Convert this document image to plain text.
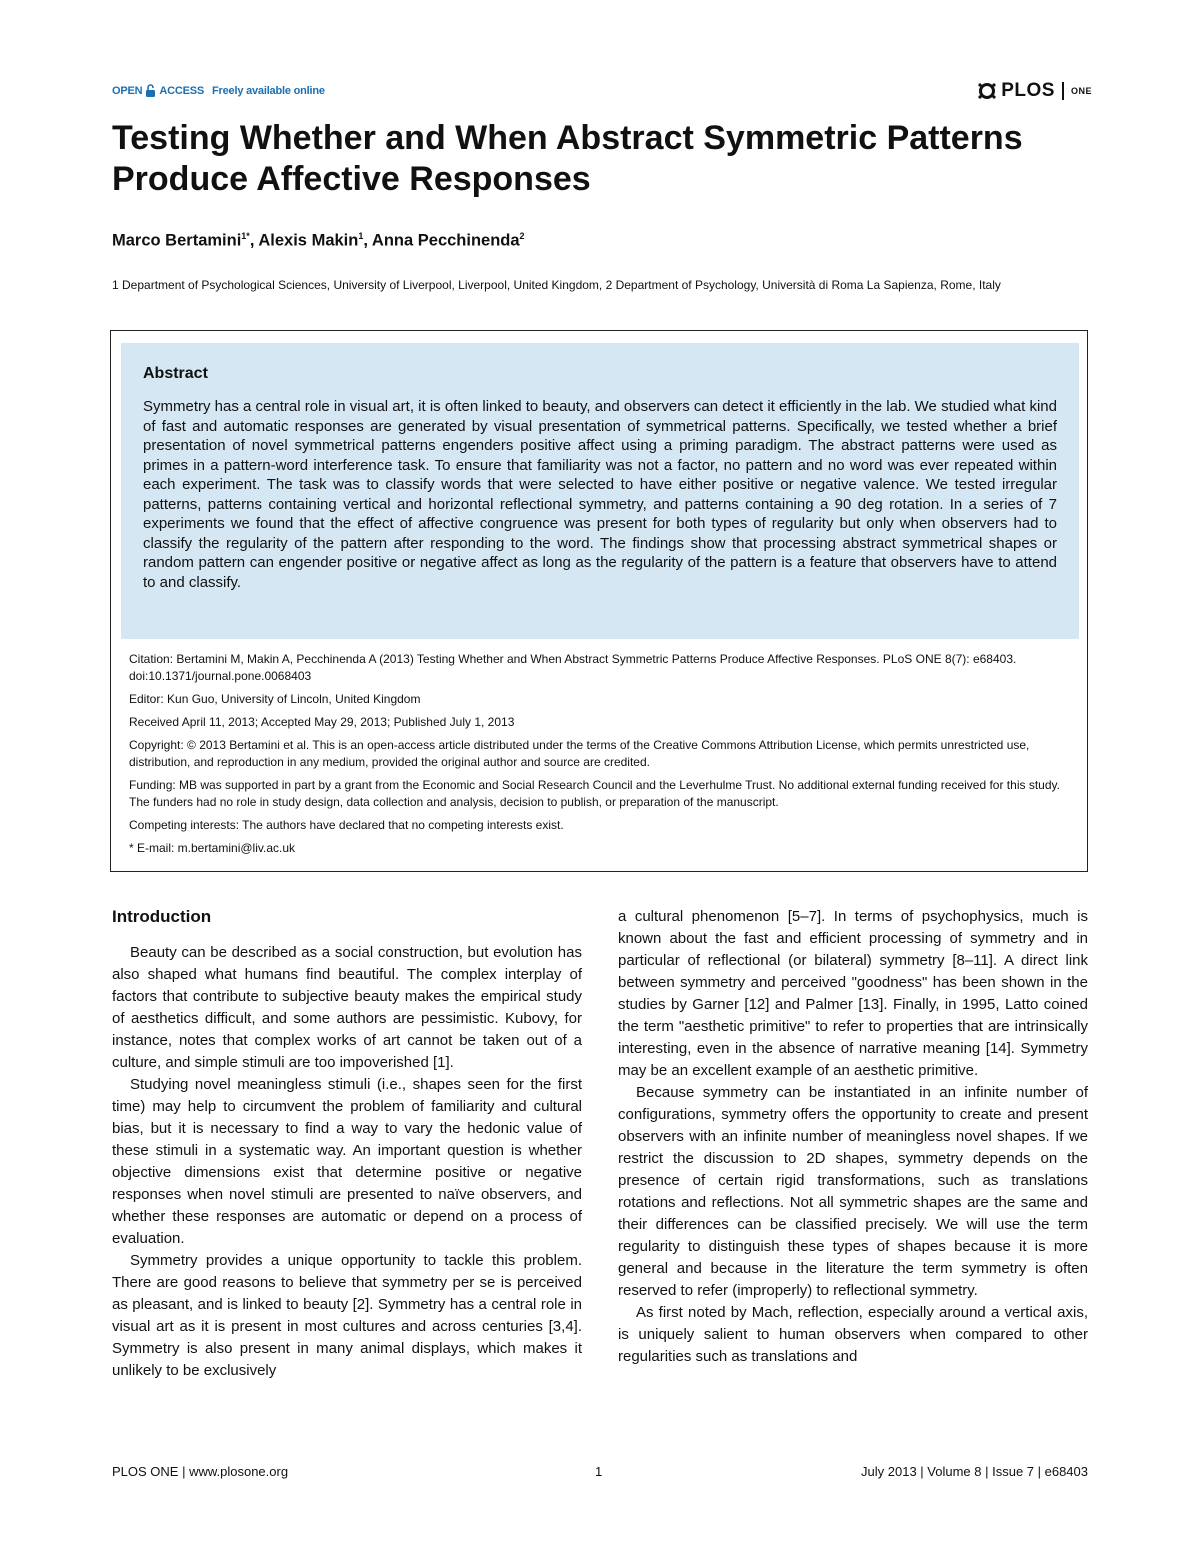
OPEN ACCESS Freely available online	PLOS ONE
Testing Whether and When Abstract Symmetric Patterns Produce Affective Responses

Marco Bertamini$^{1*}$, Alexis Makin$^1$, Anna Pecchinenda$^2$

1 Department of Psychological Sciences, University of Liverpool, Liverpool, United Kingdom, 2 Department of Psychology, Università di Roma La Sapienza, Rome, Italy

Abstract

Symmetry has a central role in visual art, it is often linked to beauty, and observers can detect it efficiently in the lab. We studied what kind of fast and automatic responses are generated by visual presentation of symmetrical patterns. Specifically, we tested whether a brief presentation of novel symmetrical patterns engenders positive affect using a priming paradigm. The abstract patterns were used as primes in a pattern-word interference task. To ensure that familiarity was not a factor, no pattern and no word was ever repeated within each experiment. The task was to classify words that were selected to have either positive or negative valence. We tested irregular patterns, patterns containing vertical and horizontal reflectional symmetry, and patterns containing a 90 deg rotation. In a series of 7 experiments we found that the effect of affective congruence was present for both types of regularity but only when observers had to classify the regularity of the pattern after responding to the word. The findings show that processing abstract symmetrical shapes or random pattern can engender positive or negative affect as long as the regularity of the pattern is a feature that observers have to attend to and classify.

Citation: Bertamini M, Makin A, Pecchinenda A (2013) Testing Whether and When Abstract Symmetric Patterns Produce Affective Responses. PLoS ONE 8(7): e68403. doi:10.1371/journal.pone.0068403

Editor: Kun Guo, University of Lincoln, United Kingdom

Received April 11, 2013; Accepted May 29, 2013; Published July 1, 2013

Copyright: © 2013 Bertamini et al. This is an open-access article distributed under the terms of the Creative Commons Attribution License, which permits unrestricted use, distribution, and reproduction in any medium, provided the original author and source are credited.

Funding: MB was supported in part by a grant from the Economic and Social Research Council and the Leverhulme Trust. No additional external funding received for this study. The funders had no role in study design, data collection and analysis, decision to publish, or preparation of the manuscript.

Competing interests: The authors have declared that no competing interests exist.

* E-mail: m.bertamini@liv.ac.uk

Introduction

Beauty can be described as a social construction, but evolution has also shaped what humans find beautiful. The complex interplay of factors that contribute to subjective beauty makes the empirical study of aesthetics difficult, and some authors are pessimistic. Kubovy, for instance, notes that complex works of art cannot be taken out of a culture, and simple stimuli are too impoverished [1].

Studying novel meaningless stimuli (i.e., shapes seen for the first time) may help to circumvent the problem of familiarity and cultural bias, but it is necessary to find a way to vary the hedonic value of these stimuli in a systematic way. An important question is whether objective dimensions exist that determine positive or negative responses when novel stimuli are presented to naïve observers, and whether these responses are automatic or depend on a process of evaluation.

Symmetry provides a unique opportunity to tackle this problem. There are good reasons to believe that symmetry per se is perceived as pleasant, and is linked to beauty [2]. Symmetry has a central role in visual art as it is present in most cultures and across centuries [3,4]. Symmetry is also present in many animal displays, which makes it unlikely to be exclusively

a cultural phenomenon [5–7]. In terms of psychophysics, much is known about the fast and efficient processing of symmetry and in particular of reflectional (or bilateral) symmetry [8–11]. A direct link between symmetry and perceived "goodness" has been shown in the studies by Garner [12] and Palmer [13]. Finally, in 1995, Latto coined the term "aesthetic primitive" to refer to properties that are intrinsically interesting, even in the absence of narrative meaning [14]. Symmetry may be an excellent example of an aesthetic primitive.

Because symmetry can be instantiated in an infinite number of configurations, symmetry offers the opportunity to create and present observers with an infinite number of meaningless novel shapes. If we restrict the discussion to 2D shapes, symmetry depends on the presence of certain rigid transformations, such as translations rotations and reflections. Not all symmetric shapes are the same and their differences can be classified precisely. We will use the term regularity to distinguish these types of shapes because it is more general and because in the literature the term symmetry is often reserved to refer (improperly) to reflectional symmetry.

As first noted by Mach, reflection, especially around a vertical axis, is uniquely salient to human observers when compared to other regularities such as translations and

PLOS ONE | www.plosone.org	1	July 2013 | Volume 8 | Issue 7 | e68403
